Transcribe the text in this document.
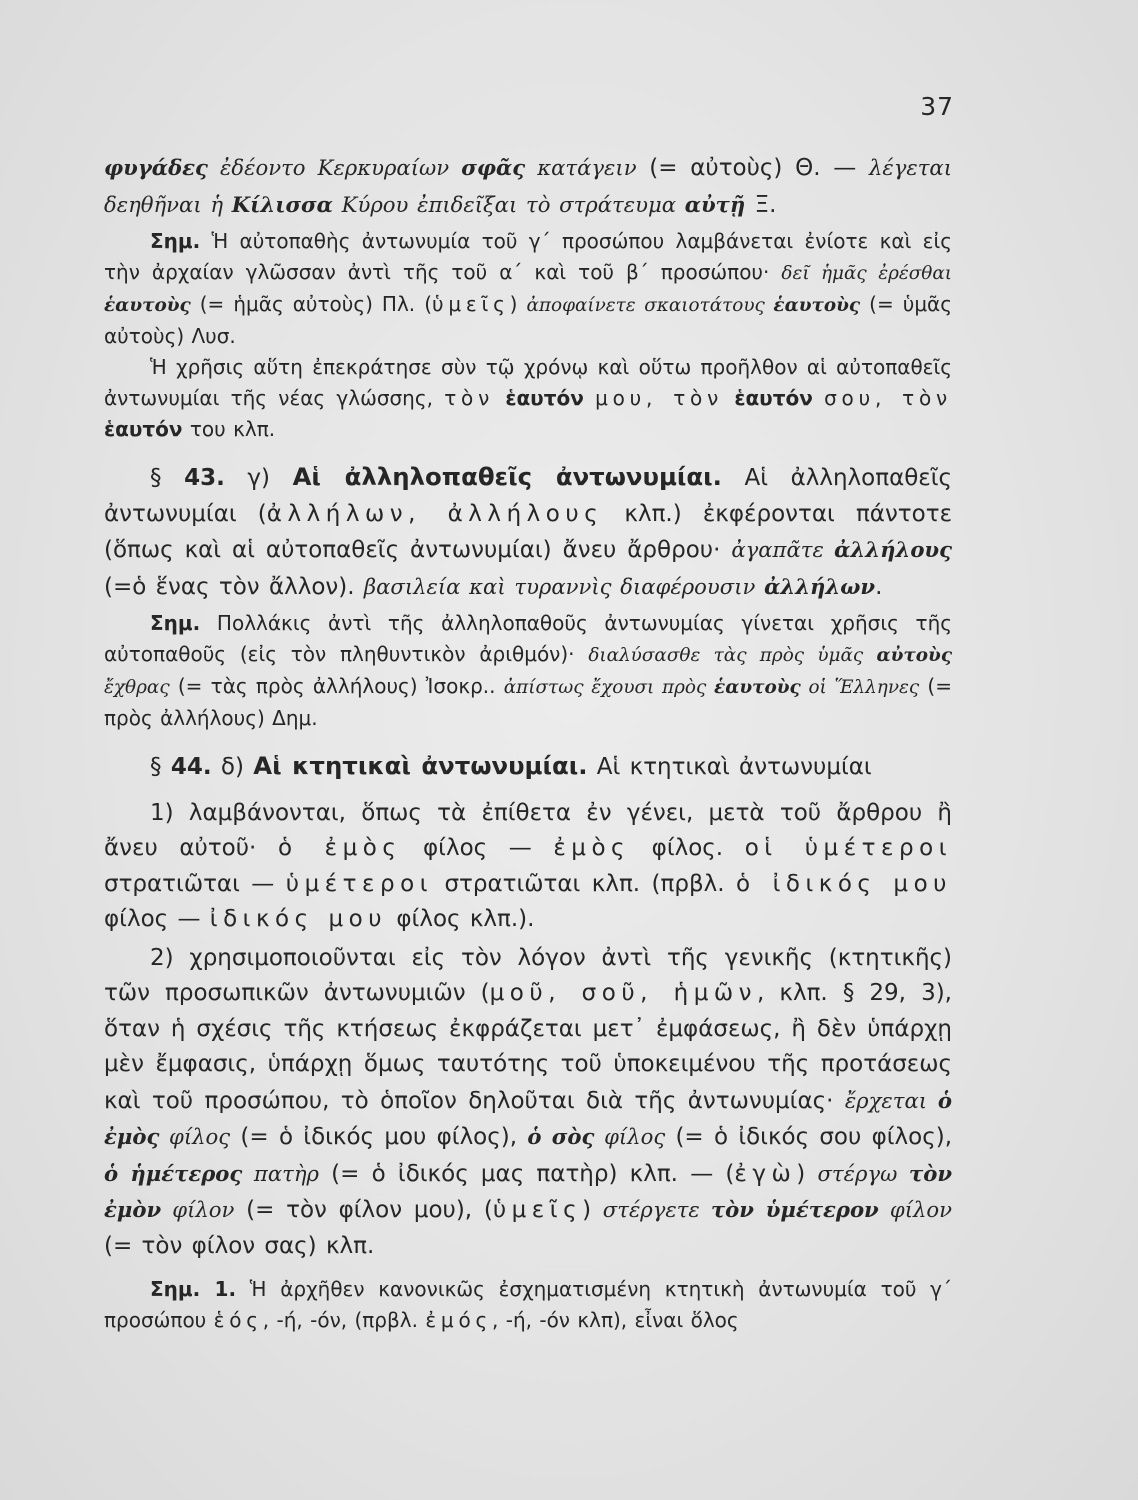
37

φυγάδες ἐδέοντο Κερκυραίων σφᾶς κατάγειν (= αὐτοὺς) Θ. — λέγεται δεηθῆναι ἡ Κίλισσα Κύρου ἐπιδεῖξαι τὸ στράτευμα αὐτῇ Ξ.

Σημ. Ἡ αὐτοπαθὴς ἀντωνυμία τοῦ γ΄ προσώπου λαμβάνεται ἐνίοτε καὶ εἰς τὴν ἀρχαίαν γλῶσσαν ἀντὶ τῆς τοῦ α΄ καὶ τοῦ β΄ προσώπου· δεῖ ἡμᾶς ἐρέσθαι ἑαυτοὺς (= ἡμᾶς αὐτοὺς) Πλ. (ὑμεῖς) ἀποφαίνετε σκαιοτάτους ἑαυτοὺς (= ὑμᾶς αὐτοὺς) Λυσ.

Ἡ χρῆσις αὕτη ἐπεκράτησε σὺν τῷ χρόνῳ καὶ οὕτω προῆλθον αἱ αὐτοπαθεῖς ἀντωνυμίαι τῆς νέας γλώσσης, τὸν ἑαυτόν μου, τὸν ἑαυτόν σου, τὸν ἑαυτόν του κλπ.

§ 43. γ) Αἱ ἀλληλοπαθεῖς ἀντωνυμίαι. Αἱ ἀλληλοπαθεῖς ἀντωνυμίαι (ἀλλήλων, ἀλλήλους κλπ.) ἐκφέρονται πάντοτε (ὅπως καὶ αἱ αὐτοπαθεῖς ἀντωνυμίαι) ἄνευ ἄρθρου· ἀγαπᾶτε ἀλλήλους (=ὁ ἕνας τὸν ἄλλον). βασιλεία καὶ τυραννὶς διαφέρουσιν ἀλλήλων.

Σημ. Πολλάκις ἀντὶ τῆς ἀλληλοπαθοῦς ἀντωνυμίας γίνεται χρῆσις τῆς αὐτοπαθοῦς (εἰς τὸν πληθυντικὸν ἀριθμόν)· διαλύσασθε τὰς πρὸς ὑμᾶς αὐτοὺς ἔχθρας (= τὰς πρὸς ἀλλήλους) Ἰσοκρ.. ἀπίστως ἔχουσι πρὸς ἑαυτοὺς οἱ Ἕλληνες (= πρὸς ἀλλήλους) Δημ.

§ 44. δ) Αἱ κτητικαὶ ἀντωνυμίαι. Αἱ κτητικαὶ ἀντωνυμίαι

1) λαμβάνονται, ὅπως τὰ ἐπίθετα ἐν γένει, μετὰ τοῦ ἄρθρου ἢ ἄνευ αὐτοῦ· ὁ ἐμὸς φίλος — ἐμὸς φίλος. οἱ ὑμέτεροι στρατιῶται — ὑμέτεροι στρατιῶται κλπ. (πρβλ. ὁ ἰδικός μου φίλος — ἰδικός μου φίλος κλπ.).

2) χρησιμοποιοῦνται εἰς τὸν λόγον ἀντὶ τῆς γενικῆς (κτητικῆς) τῶν προσωπικῶν ἀντωνυμιῶν (μοῦ, σοῦ, ἡμῶν, κλπ. § 29, 3), ὅταν ἡ σχέσις τῆς κτήσεως ἐκφράζεται μετ᾽ ἐμφάσεως, ἢ δὲν ὑπάρχῃ μὲν ἔμφασις, ὑπάρχῃ ὅμως ταυτότης τοῦ ὑποκειμένου τῆς προτάσεως καὶ τοῦ προσώπου, τὸ ὁποῖον δηλοῦται διὰ τῆς ἀντωνυμίας· ἔρχεται ὁ ἐμὸς φίλος (= ὁ ἰδικός μου φίλος), ὁ σὸς φίλος (= ὁ ἰδικός σου φίλος), ὁ ἡμέτερος πατὴρ (= ὁ ἰδικός μας πατὴρ) κλπ. — (ἐγὼ) στέργω τὸν ἐμὸν φίλον (= τὸν φίλον μου), (ὑμεῖς) στέργετε τὸν ὑμέτερον φίλον (= τὸν φίλον σας) κλπ.

Σημ. 1. Ἡ ἀρχῆθεν κανονικῶς ἐσχηματισμένη κτητικὴ ἀντωνυμία τοῦ γ΄ προσώπου ἑός, -ή, -όν, (πρβλ. ἐμός, -ή, -όν κλπ), εἶναι ὅλος
